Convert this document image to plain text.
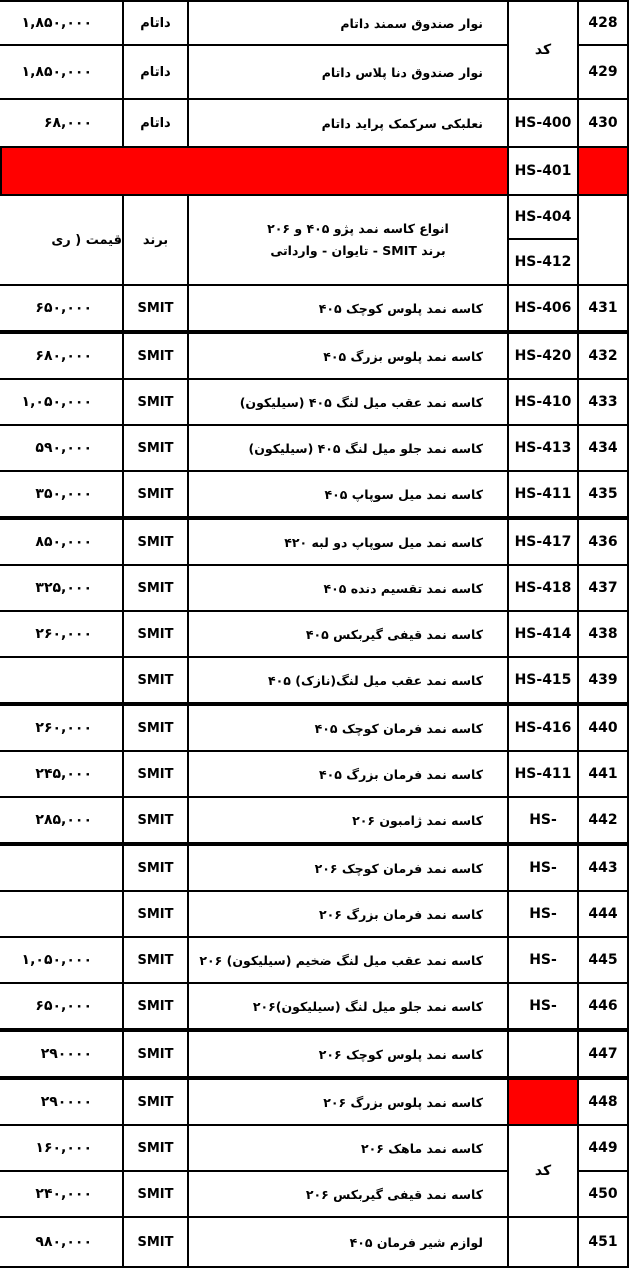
428
نوار صندوق سمند داتام
داتام
۱,۸۵۰,۰۰۰
429
نوار صندوق دنا پلاس داتام
داتام
۱,۸۵۰,۰۰۰
430
نعلبکی سرکمک پراید داتام
داتام
۶۸,۰۰۰
کد
HS-400
HS-401
HS-404
HS-412
انواع کاسه نمد پژو ۴۰۵ و ۲۰۶
برند SMIT - تایوان - وارداتی
برند
قیمت ( ری
431
HS-406
کاسه نمد پلوس کوچک ۴۰۵
SMIT
۶۵۰,۰۰۰
432
HS-420
کاسه نمد پلوس بزرگ ۴۰۵
SMIT
۶۸۰,۰۰۰
433
HS-410
کاسه نمد عقب میل لنگ ۴۰۵ (سیلیکون)
SMIT
۱,۰۵۰,۰۰۰
434
HS-413
کاسه نمد جلو میل لنگ ۴۰۵ (سیلیکون)
SMIT
۵۹۰,۰۰۰
435
HS-411
کاسه نمد میل سوپاپ ۴۰۵
SMIT
۳۵۰,۰۰۰
436
HS-417
کاسه نمد میل سوپاپ دو لبه ۴۲۰
SMIT
۸۵۰,۰۰۰
437
HS-418
کاسه نمد تقسیم دنده ۴۰۵
SMIT
۳۲۵,۰۰۰
438
HS-414
کاسه نمد قیفی گیربکس ۴۰۵
SMIT
۲۶۰,۰۰۰
439
HS-415
کاسه نمد عقب میل لنگ(نازک) ۴۰۵
SMIT
440
HS-416
کاسه نمد فرمان کوچک ۴۰۵
SMIT
۲۶۰,۰۰۰
441
HS-411
کاسه نمد فرمان بزرگ ۴۰۵
SMIT
۲۴۵,۰۰۰
442
HS-
کاسه نمد ژامبون ۲۰۶
SMIT
۲۸۵,۰۰۰
443
HS-
کاسه نمد فرمان کوچک ۲۰۶
SMIT
444
HS-
کاسه نمد فرمان بزرگ ۲۰۶
SMIT
445
HS-
کاسه نمد عقب میل لنگ ضخیم (سیلیکون) ۲۰۶
SMIT
۱,۰۵۰,۰۰۰
446
HS-
کاسه نمد جلو میل لنگ (سیلیکون)۲۰۶
SMIT
۶۵۰,۰۰۰
447
کاسه نمد پلوس کوچک ۲۰۶
SMIT
۲۹۰۰۰۰
448
کاسه نمد پلوس بزرگ ۲۰۶
SMIT
۲۹۰۰۰۰
449
کاسه نمد ماهک ۲۰۶
SMIT
۱۶۰,۰۰۰
450
کاسه نمد قیفی گیربکس ۲۰۶
SMIT
۲۴۰,۰۰۰
451
لوازم شیر فرمان ۴۰۵
SMIT
۹۸۰,۰۰۰
کد
